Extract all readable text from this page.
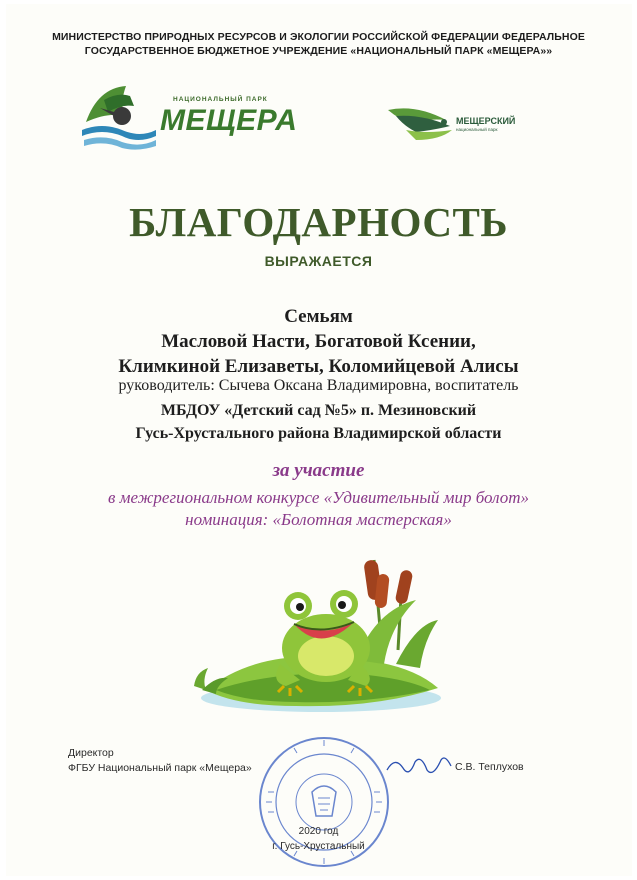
МИНИСТЕРСТВО ПРИРОДНЫХ РЕСУРСОВ И ЭКОЛОГИИ РОССИЙСКОЙ ФЕДЕРАЦИИ ФЕДЕРАЛЬНОЕ
ГОСУДАРСТВЕННОЕ БЮДЖЕТНОЕ УЧРЕЖДЕНИЕ «НАЦИОНАЛЬНЫЙ ПАРК «МЕЩЕРА»»
НАЦИОНАЛЬНЫЙ ПАРК
МЕЩЕРА	МЕЩЕРСКИЙ
национальный парк
БЛАГОДАРНОСТЬ
ВЫРАЖАЕТСЯ
Семьям
Масловой Насти, Богатовой Ксении,
Климкиной Елизаветы, Коломийцевой Алисы
руководитель: Сычева Оксана Владимировна, воспитатель
МБДОУ «Детский сад №5» п. Мезиновский
Гусь-Хрустального района Владимирской области
за участие
в межрегиональном конкурсе «Удивительный мир болот»
номинация: «Болотная мастерская»
Директор
ФГБУ Национальный парк «Мещера»	С.В. Теплухов
2020 год
г. Гусь-Хрустальный
